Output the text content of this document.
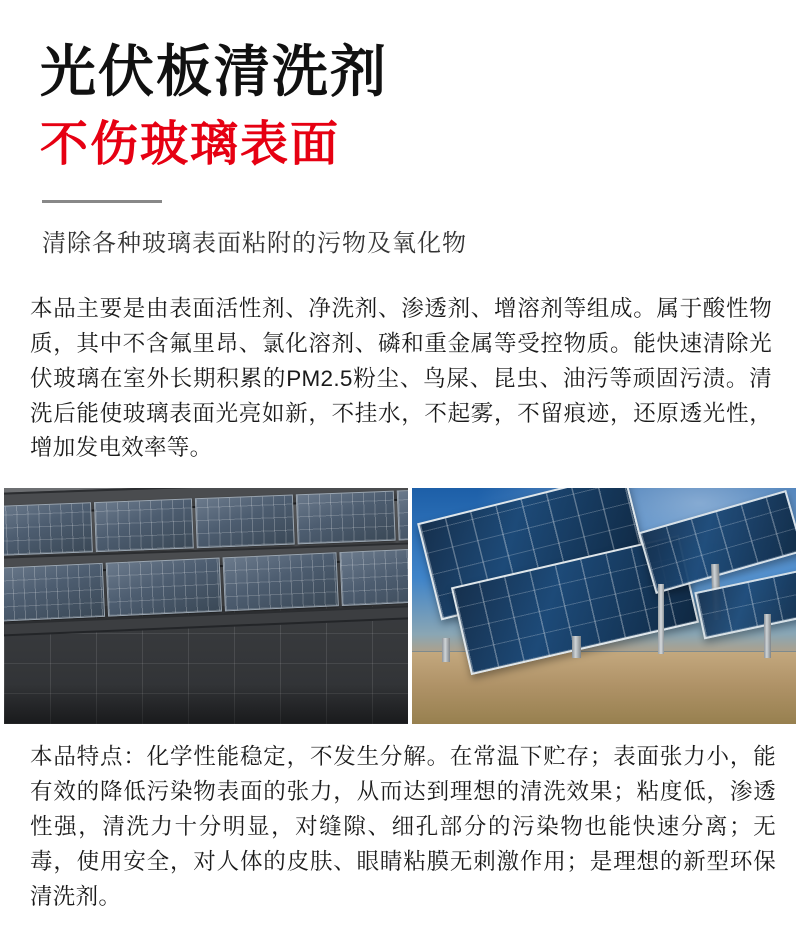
光伏板清洗剂
不伤玻璃表面
清除各种玻璃表面粘附的污物及氧化物
本品主要是由表面活性剂、净洗剂、渗透剂、增溶剂等组成。属于酸性物质，其中不含氟里昂、氯化溶剂、磷和重金属等受控物质。能快速清除光伏玻璃在室外长期积累的PM2.5粉尘、鸟屎、昆虫、油污等顽固污渍。清洗后能使玻璃表面光亮如新，不挂水，不起雾，不留痕迹，还原透光性，增加发电效率等。
本品特点：化学性能稳定，不发生分解。在常温下贮存；表面张力小，能有效的降低污染物表面的张力，从而达到理想的清洗效果；粘度低，渗透性强，清洗力十分明显，对缝隙、细孔部分的污染物也能快速分离；无毒，使用安全，对人体的皮肤、眼睛粘膜无刺激作用；是理想的新型环保清洗剂。
